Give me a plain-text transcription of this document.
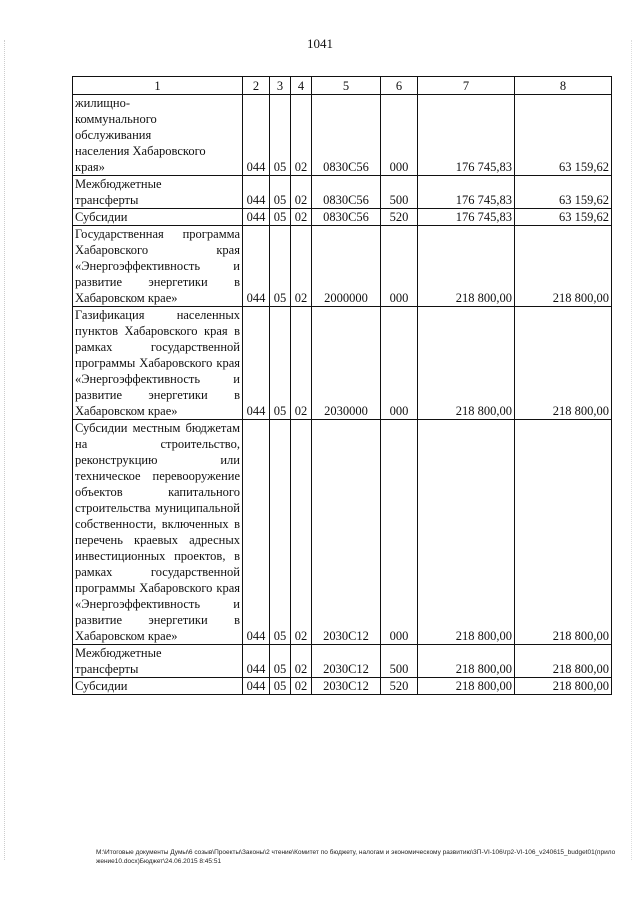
1041
1	2	3	4	5	6	7	8
жилищно-
коммунального
обслуживания
населения Хабаровского
края»	044	05	02	0830С56	000	176 745,83	63 159,62
Межбюджетные
трансферты	044	05	02	0830С56	500	176 745,83	63 159,62
Субсидии	044	05	02	0830С56	520	176 745,83	63 159,62
Государственная программа Хабаровского края «Энергоэффективность и развитие энергетики в Хабаровском крае»	044	05	02	2000000	000	218 800,00	218 800,00
Газификация населенных пунктов Хабаровского края в рамках государственной программы Хабаровского края «Энергоэффективность и развитие энергетики в Хабаровском крае»	044	05	02	2030000	000	218 800,00	218 800,00
Субсидии местным бюджетам на строительство, реконструкцию или техническое перевооружение объектов капитального строительства муниципальной собственности, включенных в перечень краевых адресных инвестиционных проектов, в рамках государственной программы Хабаровского края «Энергоэффективность и развитие энергетики в Хабаровском крае»	044	05	02	2030С12	000	218 800,00	218 800,00
Межбюджетные
трансферты	044	05	02	2030С12	500	218 800,00	218 800,00
Субсидии	044	05	02	2030С12	520	218 800,00	218 800,00
M:\Итоговые документы Думы\6 созыв\Проекты\Законы\2 чтение\Комитет по бюджету, налогам и экономическому развитию\3П-VI-106\гр2-VI-106_v240615_budget01(приложение10.docx)Бюджет\24.06.2015 8:45:51
